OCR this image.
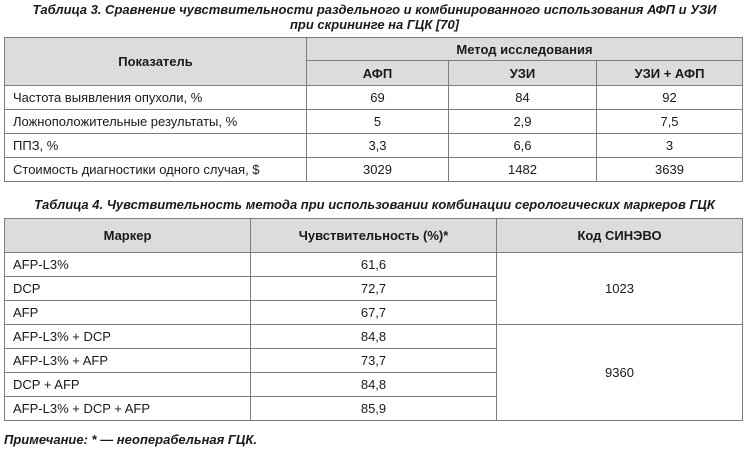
Таблица 3. Сравнение чувствительности раздельного и комбинированного использования АФП и УЗИ
при скрининге на ГЦК [70]
Показатель	Метод исследования		
	АФП	УЗИ	УЗИ + АФП
Частота выявления опухоли, %	69	84	92
Ложноположительные результаты, %	5	2,9	7,5
ППЗ, %	3,3	6,6	3
Стоимость диагностики одного случая, $	3029	1482	3639
Таблица 4. Чувствительность метода при использовании комбинации серологических маркеров ГЦК
Маркер	Чувствительность (%)*	Код СИНЭВО
AFP-L3%	61,6	1023
DCP	72,7	
AFP	67,7	
AFP-L3% + DCP	84,8	9360
AFP-L3% + AFP	73,7	
DCP + AFP	84,8	
AFP-L3% + DCP + AFP	85,9	
Примечание: * — неоперабельная ГЦК.
